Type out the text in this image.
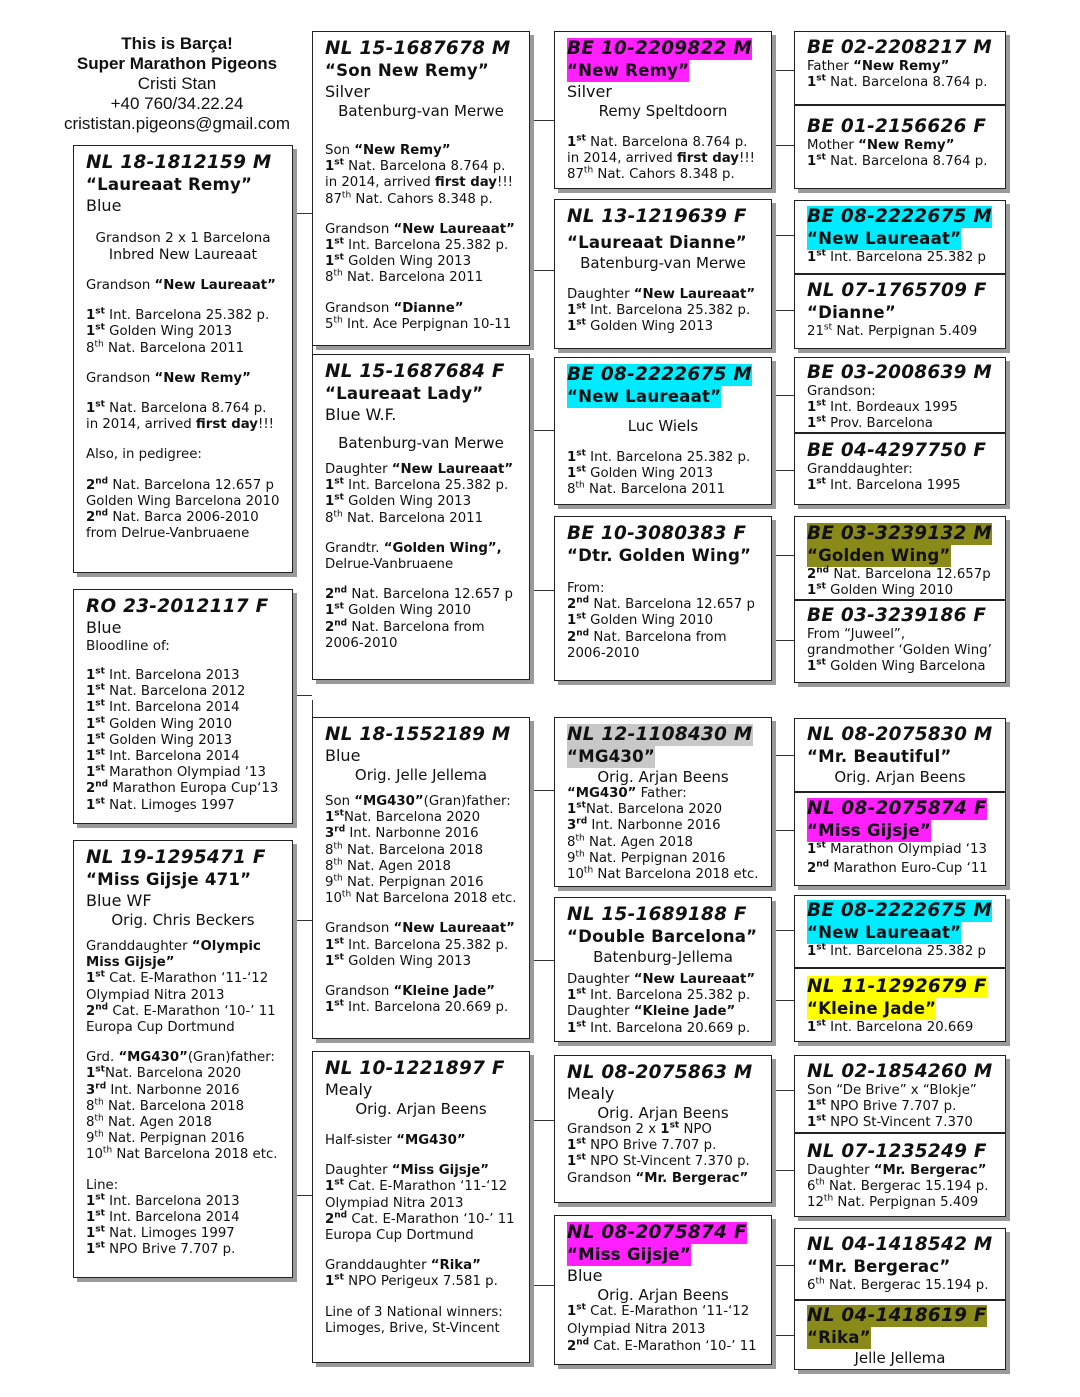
This is Barça!
Super Marathon Pigeons
Cristi Stan
+40 760/34.22.24
crististan.pigeons@gmail.com
NL 18-1812159 M
“Laureaat Remy”

Blue
Grandson 2 x 1 Barcelona
Inbred New Laureaat
Grandson “New Laureaat”
1st Int. Barcelona 25.382 p.
1st Golden Wing 2013
8th Nat. Barcelona 2011
Grandson “New Remy”
1st Nat. Barcelona 8.764 p.
in 2014, arrived first day!!!
Also, in pedigree:
2nd Nat. Barcelona 12.657 p
Golden Wing Barcelona 2010
2nd Nat. Barca 2006-2010
from Delrue-Vanbruaene
RO 23-2012117 F

Blue
Bloodline of:
1st Int. Barcelona 2013
1st Nat. Barcelona 2012
1st Int. Barcelona 2014
1st Golden Wing 2010
1st Golden Wing 2013
1st Int. Barcelona 2014
1st Marathon Olympiad ‘13
2nd Marathon Europa Cup‘13
1st Nat. Limoges 1997
NL 19-1295471 F
“Miss Gijsje 471”

Blue WF
Orig. Chris Beckers
Granddaughter “Olympic
Miss Gijsje”
1st Cat. E-Marathon ‘11-‘12
Olympiad Nitra 2013
2nd Cat. E-Marathon ‘10-’ 11
Europa Cup Dortmund
Grd. “MG430”(Gran)father:
1stNat. Barcelona 2020
3rd Int. Narbonne 2016
8th Nat. Barcelona 2018
8th Nat. Agen 2018
9th Nat. Perpignan 2016
10th Nat Barcelona 2018 etc.
Line:
1st Int. Barcelona 2013
1st Int. Barcelona 2014
1st Nat. Limoges 1997
1st NPO Brive 7.707 p.
NL 15-1687678 M
“Son New Remy”

Silver
Batenburg-van Merwe
Son “New Remy”
1st Nat. Barcelona 8.764 p.
in 2014, arrived first day!!!
87th Nat. Cahors 8.348 p.
Grandson “New Laureaat”
1st Int. Barcelona 25.382 p.
1st Golden Wing 2013
8th Nat. Barcelona 2011
Grandson “Dianne”
5th Int. Ace Perpignan 10-11
NL 15-1687684 F
“Laureaat Lady”

Blue W.F.
Batenburg-van Merwe
Daughter “New Laureaat”
1st Int. Barcelona 25.382 p.
1st Golden Wing 2013
8th Nat. Barcelona 2011
Grandtr. “Golden Wing”,
Delrue-Vanbruaene
2nd Nat. Barcelona 12.657 p
1st Golden Wing 2010
2nd Nat. Barcelona from
2006-2010
NL 18-1552189 M

Blue
Orig. Jelle Jellema
Son “MG430”(Gran)father:
1stNat. Barcelona 2020
3rd Int. Narbonne 2016
8th Nat. Barcelona 2018
8th Nat. Agen 2018
9th Nat. Perpignan 2016
10th Nat Barcelona 2018 etc.
Grandson “New Laureaat”
1st Int. Barcelona 25.382 p.
1st Golden Wing 2013
Grandson “Kleine Jade”
1st Int. Barcelona 20.669 p.
NL 10-1221897 F

Mealy
Orig. Arjan Beens
Half-sister “MG430”
Daughter “Miss Gijsje”
1st Cat. E-Marathon ‘11-‘12
Olympiad Nitra 2013
2nd Cat. E-Marathon ‘10-’ 11
Europa Cup Dortmund
Granddaughter “Rika”
1st NPO Perigeux 7.581 p.
Line of 3 National winners:
Limoges, Brive, St-Vincent
BE 10-2209822 M
“New Remy”

Silver
Remy Speltdoorn
1st Nat. Barcelona 8.764 p.
in 2014, arrived first day!!!
87th Nat. Cahors 8.348 p.
NL 13-1219639 F

“Laureaat Dianne”

Batenburg-van Merwe
Daughter “New Laureaat”
1st Int. Barcelona 25.382 p.
1st Golden Wing 2013
BE 08-2222675 M
“New Laureaat”

Luc Wiels
1st Int. Barcelona 25.382 p.
1st Golden Wing 2013
8th Nat. Barcelona 2011
BE 10-3080383 F
“Dtr. Golden Wing”

From:
2nd Nat. Barcelona 12.657 p
1st Golden Wing 2010
2nd Nat. Barcelona from
2006-2010
NL 12-1108430 M
“MG430”

Orig. Arjan Beens
“MG430” Father:
1stNat. Barcelona 2020
3rd Int. Narbonne 2016
8th Nat. Agen 2018
9th Nat. Perpignan 2016
10th Nat Barcelona 2018 etc.
NL 15-1689188 F
“Double Barcelona”

Batenburg-Jellema
Daughter “New Laureaat”
1st Int. Barcelona 25.382 p.
Daughter “Kleine Jade”
1st Int. Barcelona 20.669 p.
NL 08-2075863 M

Mealy
Orig. Arjan Beens
Grandson 2 x 1st NPO
1st NPO Brive 7.707 p.
1st NPO St-Vincent 7.370 p.
Grandson “Mr. Bergerac”
NL 08-2075874 F
“Miss Gijsje”

Blue
Orig. Arjan Beens
1st Cat. E-Marathon ‘11-‘12
Olympiad Nitra 2013
2nd Cat. E-Marathon ‘10-’ 11
BE 02-2208217 M

Father “New Remy”
1st Nat. Barcelona 8.764 p.
BE 01-2156626 F

Mother “New Remy”
1st Nat. Barcelona 8.764 p.
BE 08-2222675 M
“New Laureaat”

1st Int. Barcelona 25.382 p
NL 07-1765709 F
“Dianne”

21st Nat. Perpignan 5.409
BE 03-2008639 M

Grandson:
1st Int. Bordeaux 1995
1st Prov. Barcelona
BE 04-4297750 F

Granddaughter:
1st Int. Barcelona 1995
BE 03-3239132 M
“Golden Wing”

2nd Nat. Barcelona 12.657p
1st Golden Wing 2010
BE 03-3239186 F

From “Juweel”,
grandmother ‘Golden Wing’
1st Golden Wing Barcelona
NL 08-2075830 M
“Mr. Beautiful”

Orig. Arjan Beens
NL 08-2075874 F
“Miss Gijsje”

1st Marathon Olympiad ‘13
2nd Marathon Euro-Cup ‘11
BE 08-2222675 M
“New Laureaat”

1st Int. Barcelona 25.382 p
NL 11-1292679 F
“Kleine Jade”

1st Int. Barcelona 20.669
NL 02-1854260 M

Son “De Brive” x “Blokje”
1st NPO Brive 7.707 p.
1st NPO St-Vincent 7.370
NL 07-1235249 F

Daughter “Mr. Bergerac”
6th Nat. Bergerac 15.194 p.
12th Nat. Perpignan 5.409
NL 04-1418542 M
“Mr. Bergerac”

6th Nat. Bergerac 15.194 p.
NL 04-1418619 F
“Rika”

Jelle Jellema
